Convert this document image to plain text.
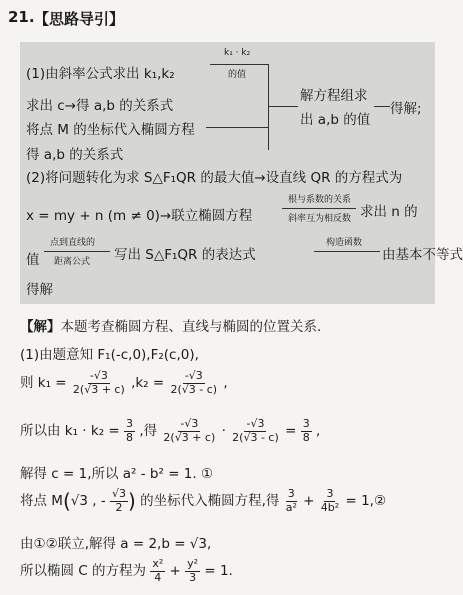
21. 【思路导引】
(1)由斜率公式求出 k₁,k₂
k₁ · k₂
的值
求出 c→得 a,b 的关系式
将点 M 的坐标代入椭圆方程
得 a,b 的关系式
解方程组求
出 a,b 的值
得解;
(2)将问题转化为求 S△F₁QR 的最大值→设直线 QR 的方程式为
x = my + n (m ≠ 0)→联立椭圆方程
根与系数的关系
斜率互为相反数 求出 n 的
值
点到直线的
距离公式 写出 S△F₁QR 的表达式
构造函数
由基本不等式
得解
【解】本题考查椭圆方程、直线与椭圆的位置关系.
(1)由题意知 F₁(-c,0),F₂(c,0),
则 $k_1 = \frac{-√3}{2(√3 + c)} ,k_2 = \frac{-√3}{2(√3 - c)}$ ,
所以由 $k_1 \cdot k_2 = \frac{3}{8}$ ,得 $\frac{-√3}{2(√3 + c)} \cdot \frac{-√3}{2(√3 - c)} = \frac{3}{8}$ ,
解得 c = 1,所以 a² - b² = 1. ①
将点 M(√3 , - $\frac{√3}{2}$ ) 的坐标代入椭圆方程,得 $\frac{3}{\text{a²}} + \frac{3}{\text{4b²}}$ = 1,②
由①②联立,解得 a = 2,b = √3,
所以椭圆 C 的方程为 $\frac{\text{x²}}{4} + \frac{\text{y²}}{3} = 1$.
